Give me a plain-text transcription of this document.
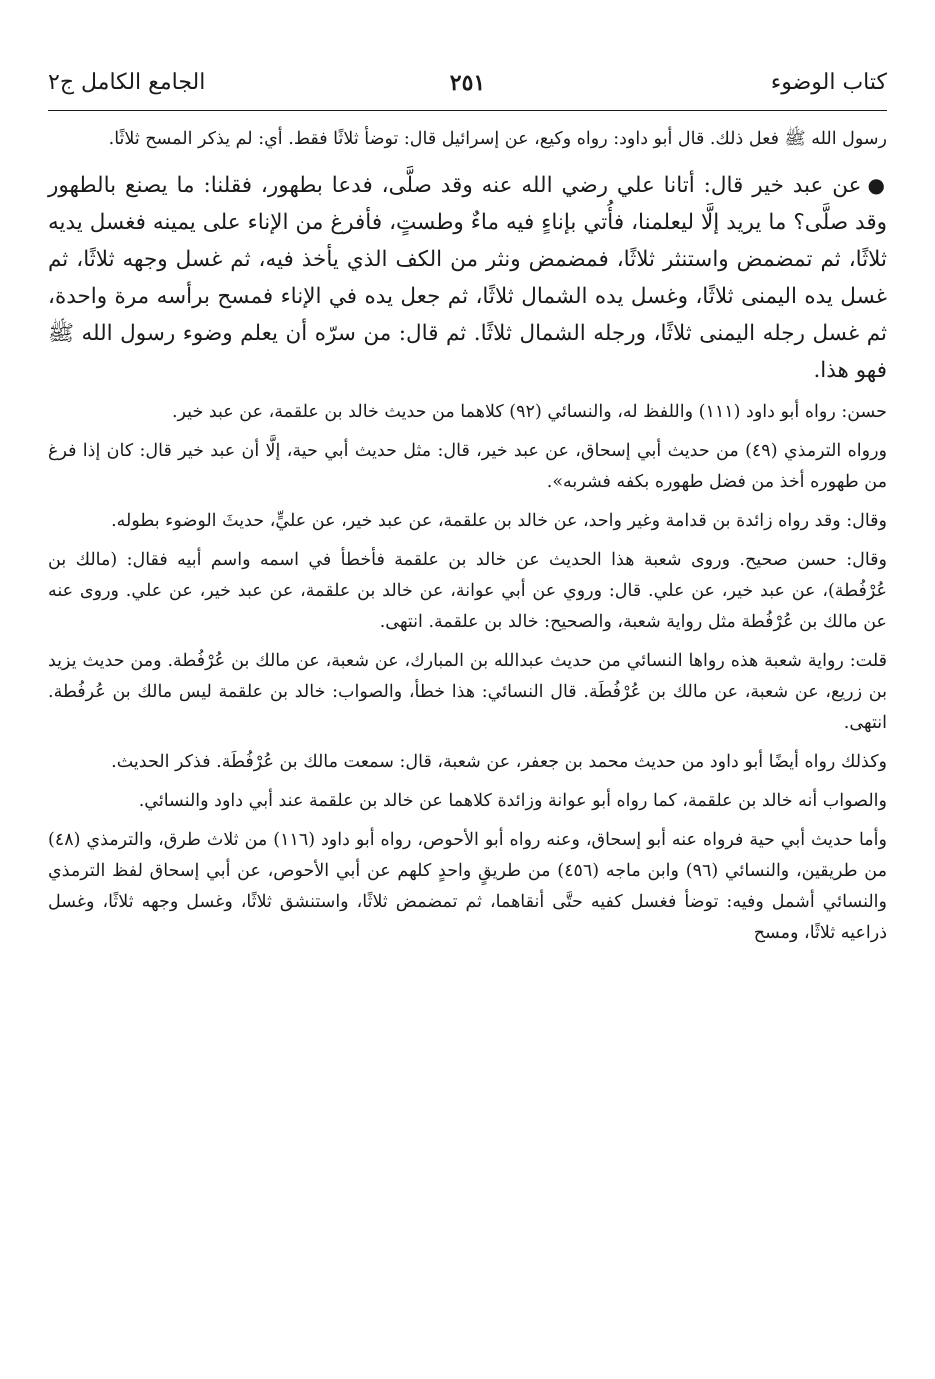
كتاب الوضوء
٢٥١
الجامع الكامل ج٢

رسول الله ﷺ فعل ذلك. قال أبو داود: رواه وكيع، عن إسرائيل قال: توضأ ثلاثًا فقط. أي: لم يذكر المسح ثلاثًا.

●عن عبد خير قال: أتانا علي رضي الله عنه وقد صلَّى، فدعا بطهور، فقلنا: ما يصنع بالطهور وقد صلَّى؟ ما يريد إلَّا ليعلمنا، فأُتي بإناءٍ فيه ماءٌ وطستٍ، فأفرغ من الإناء على يمينه فغسل يديه ثلاثًا، ثم تمضمض واستنثر ثلاثًا، فمضمض ونثر من الكف الذي يأخذ فيه، ثم غسل وجهه ثلاثًا، ثم غسل يده اليمنى ثلاثًا، وغسل يده الشمال ثلاثًا، ثم جعل يده في الإناء فمسح برأسه مرة واحدة، ثم غسل رجله اليمنى ثلاثًا، ورجله الشمال ثلاثًا. ثم قال: من سرّه أن يعلم وضوء رسول الله ﷺ فهو هذا.

حسن: رواه أبو داود (١١١) واللفظ له، والنسائي (٩٢) كلاهما من حديث خالد بن علقمة، عن عبد خير.

ورواه الترمذي (٤٩) من حديث أبي إسحاق، عن عبد خير، قال: مثل حديث أبي حية، إلَّا أن عبد خير قال: كان إذا فرغ من طهوره أخذ من فضل طهوره بكفه فشربه».

وقال: وقد رواه زائدة بن قدامة وغير واحد، عن خالد بن علقمة، عن عبد خير، عن عليٍّ، حديثَ الوضوء بطوله.

وقال: حسن صحيح. وروى شعبة هذا الحديث عن خالد بن علقمة فأخطأ في اسمه واسم أبيه فقال: (مالك بن عُرْفُطة)، عن عبد خير، عن علي. قال: وروي عن أبي عوانة، عن خالد بن علقمة، عن عبد خير، عن علي. وروى عنه عن مالك بن عُرْفُطة مثل رواية شعبة، والصحيح: خالد بن علقمة. انتهى.

قلت: رواية شعبة هذه رواها النسائي من حديث عبدالله بن المبارك، عن شعبة، عن مالك بن عُرْفُطة. ومن حديث يزيد بن زريع، عن شعبة، عن مالك بن عُرْفُطَة. قال النسائي: هذا خطأ، والصواب: خالد بن علقمة ليس مالك بن عُرفُطة. انتهى.

وكذلك رواه أيضًا أبو داود من حديث محمد بن جعفر، عن شعبة، قال: سمعت مالك بن عُرْفُطَة. فذكر الحديث.

والصواب أنه خالد بن علقمة، كما رواه أبو عوانة وزائدة كلاهما عن خالد بن علقمة عند أبي داود والنسائي.

وأما حديث أبي حية فرواه عنه أبو إسحاق، وعنه رواه أبو الأحوص، رواه أبو داود (١١٦) من ثلاث طرق، والترمذي (٤٨) من طريقين، والنسائي (٩٦) وابن ماجه (٤٥٦) من طريقٍ واحدٍ كلهم عن أبي الأحوص، عن أبي إسحاق لفظ الترمذي والنسائي أشمل وفيه: توضأ فغسل كفيه حتَّى أنقاهما، ثم تمضمض ثلاثًا، واستنشق ثلاثًا، وغسل وجهه ثلاثًا، وغسل ذراعيه ثلاثًا، ومسح
